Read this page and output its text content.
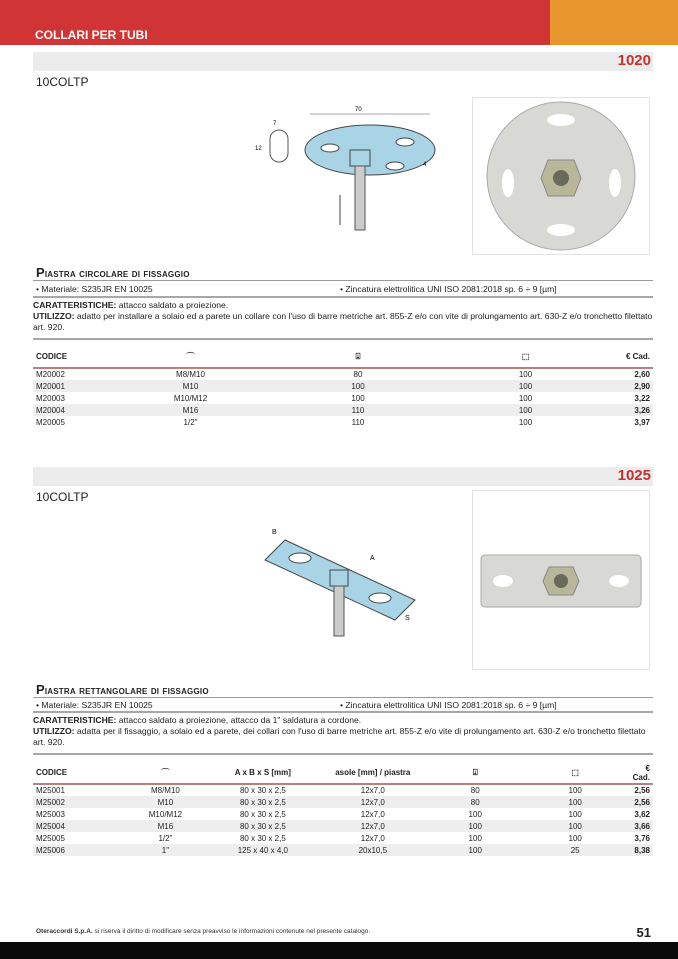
COLLARI PER TUBI
1020
10COLTP
7
12
70
4
Piastra circolare di fissaggio
• Materiale: S235JR EN 10025	• Zincatura elettrolitica UNI ISO 2081:2018 sp. 6 ÷ 9 [µm]
CARATTERISTICHE: attacco saldato a proiezione.
UTILIZZO: adatto per installare a solaio ed a parete un collare con l'uso di barre metriche art. 855-Z e/o con vite di prolungamento art. 630-Z e/o tronchetto filettato art. 920.
CODICE	⌒	⍗	⬚	€ Cad.
M20002	M8/M10	80	100	2,60
M20001	M10	100	100	2,90
M20003	M10/M12	100	100	3,22
M20004	M16	110	100	3,26
M20005	1/2"	110	100	3,97
1025
10COLTP
A
B
S
Piastra rettangolare di fissaggio
• Materiale: S235JR EN 10025	• Zincatura elettrolitica UNI ISO 2081:2018 sp. 6 ÷ 9 [µm]
CARATTERISTICHE: attacco saldato a proiezione, attacco da 1" saldatura a cordone.
UTILIZZO: adatta per il fissaggio, a solaio ed a parete, dei collari con l'uso di barre metriche art. 855-Z e/o vite di prolungamento art. 630-Z e/o tronchetto filettato art. 920.
CODICE	⌒	A x B x S [mm]	asole [mm] / piastra	⍗	⬚	€ Cad.
M25001	M8/M10	80 x 30 x 2,5	12x7,0	80	100	2,56
M25002	M10	80 x 30 x 2,5	12x7,0	80	100	2,56
M25003	M10/M12	80 x 30 x 2,5	12x7,0	100	100	3,62
M25004	M16	80 x 30 x 2,5	12x7,0	100	100	3,66
M25005	1/2"	80 x 30 x 2,5	12x7,0	100	100	3,76
M25006	1"	125 x 40 x 4,0	20x10,5	100	25	8,38
Oteraccordi S.p.A. si riserva il diritto di modificare senza preavviso le informazioni contenute nel presente catalogo.	51
